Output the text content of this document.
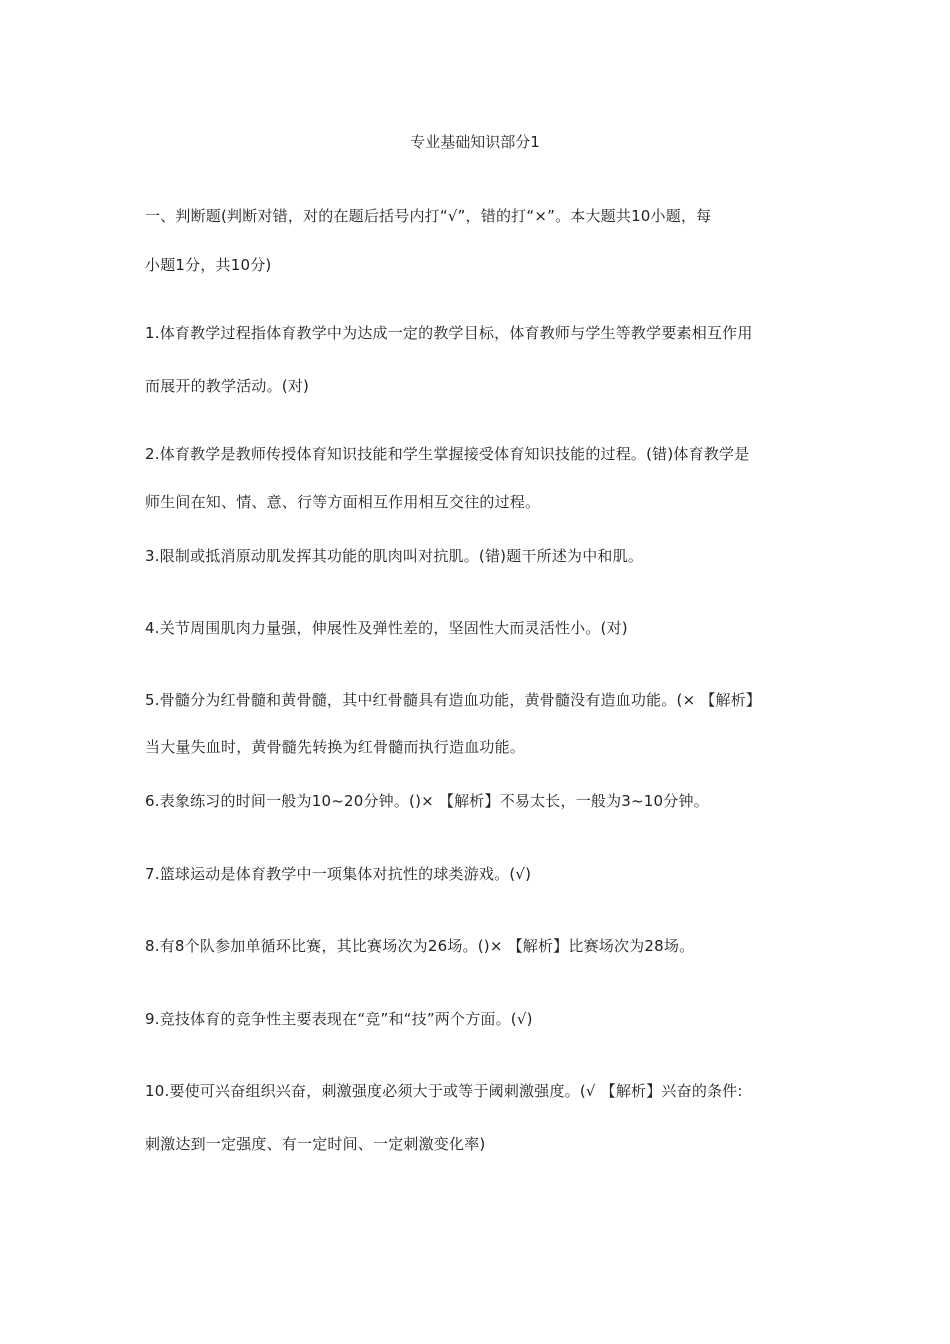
专业基础知识部分1
一、判断题(判断对错，对的在题后括号内打“√”，错的打“×”。本大题共10小题，每
小题1分，共10分)
1.体育教学过程指体育教学中为达成一定的教学目标，体育教师与学生等教学要素相互作用
而展开的教学活动。(对)
2.体育教学是教师传授体育知识技能和学生掌握接受体育知识技能的过程。(错)体育教学是
师生间在知、情、意、行等方面相互作用相互交往的过程。
3.限制或抵消原动肌发挥其功能的肌肉叫对抗肌。(错)题干所述为中和肌。
4.关节周围肌肉力量强，伸展性及弹性差的，坚固性大而灵活性小。(对)
5.骨髓分为红骨髓和黄骨髓，其中红骨髓具有造血功能，黄骨髓没有造血功能。(× 【解析】
当大量失血时，黄骨髓先转换为红骨髓而执行造血功能。
6.表象练习的时间一般为10~20分钟。()× 【解析】不易太长，一般为3~10分钟。
7.篮球运动是体育教学中一项集体对抗性的球类游戏。(√)
8.有8个队参加单循环比赛，其比赛场次为26场。()× 【解析】比赛场次为28场。
9.竞技体育的竞争性主要表现在“竞”和“技”两个方面。(√)
10.要使可兴奋组织兴奋，刺激强度必须大于或等于阈刺激强度。(√ 【解析】兴奋的条件:
刺激达到一定强度、有一定时间、一定刺激变化率)
